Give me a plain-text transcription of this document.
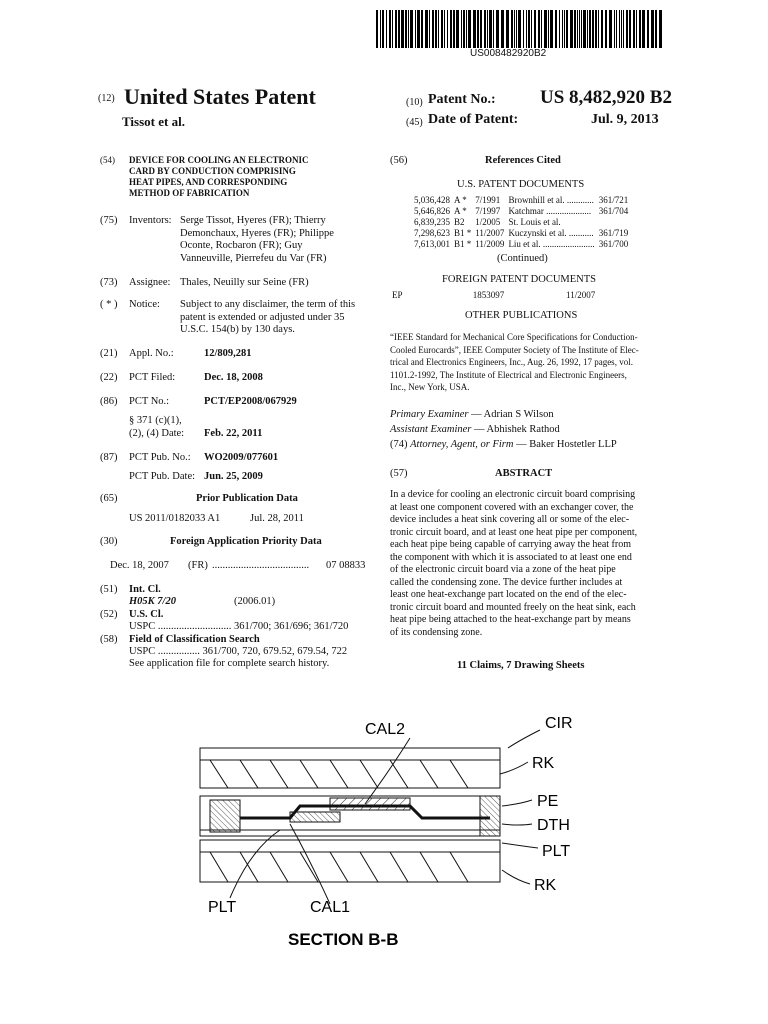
US008482920B2
(12) United States Patent
Tissot et al.
(10) Patent No.: US 8,482,920 B2
(45) Date of Patent:	Jul. 9, 2013
(54) DEVICE FOR COOLING AN ELECTRONIC
CARD BY CONDUCTION COMPRISING
HEAT PIPES, AND CORRESPONDING
METHOD OF FABRICATION
(75) Inventors: Serge Tissot, Hyeres (FR); Thierry
Demonchaux, Hyeres (FR); Philippe
Oconte, Rocbaron (FR); Guy
Vanneuville, Pierrefeu du Var (FR)
(73) Assignee: Thales, Neuilly sur Seine (FR)
( * ) Notice: Subject to any disclaimer, the term of this
patent is extended or adjusted under 35
U.S.C. 154(b) by 130 days.
(21) Appl. No.:	12/809,281
(22) PCT Filed:	Dec. 18, 2008
(86) PCT No.:	PCT/EP2008/067929
§ 371 (c)(1),
(2), (4) Date: Feb. 22, 2011
(87) PCT Pub. No.: WO2009/077601
PCT Pub. Date: Jun. 25, 2009
(65)	Prior Publication Data
US 2011/0182033 A1	Jul. 28, 2011
(30)	Foreign Application Priority Data
Dec. 18, 2007 (FR) ..................................... 07 08833
(51) Int. Cl.
H05K 7/20	(2006.01)
(52) U.S. Cl.
USPC ............................ 361/700; 361/696; 361/720
(58) Field of Classification Search
USPC ................ 361/700, 720, 679.52, 679.54, 722
See application file for complete search history.
(56)	References Cited
U.S. PATENT DOCUMENTS
5,036,428	A *	7/1991	Brownhill et al. ............	361/721
5,646,826	A *	7/1997	Katchmar ....................	361/704
6,839,235	B2	1/2005	St. Louis et al.	
7,298,623	B1 *	11/2007	Kuczynski et al. ...........	361/719
7,613,001	B1 *	11/2009	Liu et al. .......................	361/700
(Continued)
FOREIGN PATENT DOCUMENTS
EP	1853097	11/2007
OTHER PUBLICATIONS
“IEEE Standard for Mechanical Core Specifications for Conduction-
Cooled Eurocards”, IEEE Computer Society of The Institute of Elec-
trical and Electronics Engineers, Inc., Aug. 26, 1992, 17 pages, vol.
1101.2-1992, The Institute of Electrical and Electronic Engineers,
Inc., New York, USA.
Primary Examiner — Adrian S Wilson
Assistant Examiner — Abhishek Rathod
(74) Attorney, Agent, or Firm — Baker Hostetler LLP
(57)	ABSTRACT
In a device for cooling an electronic circuit board comprising
at least one component covered with an exchanger cover, the
device includes a heat sink covering all or some of the elec-
tronic circuit board, and at least one heat pipe per component,
each heat pipe being capable of carrying away the heat from
the component with which it is associated to at least one end
of the electronic circuit board via a zone of the heat pipe
called the condensing zone. The device further includes at
least one heat-exchange part located on the end of the elec-
tronic circuit board and mounted freely on the heat sink, each
heat pipe being attached to the heat-exchange part by means
of its condensing zone.
11 Claims, 7 Drawing Sheets
CAL2	CIR
RK
PE
DTH
PLT
RK
PLT	CAL1
SECTION B-B
